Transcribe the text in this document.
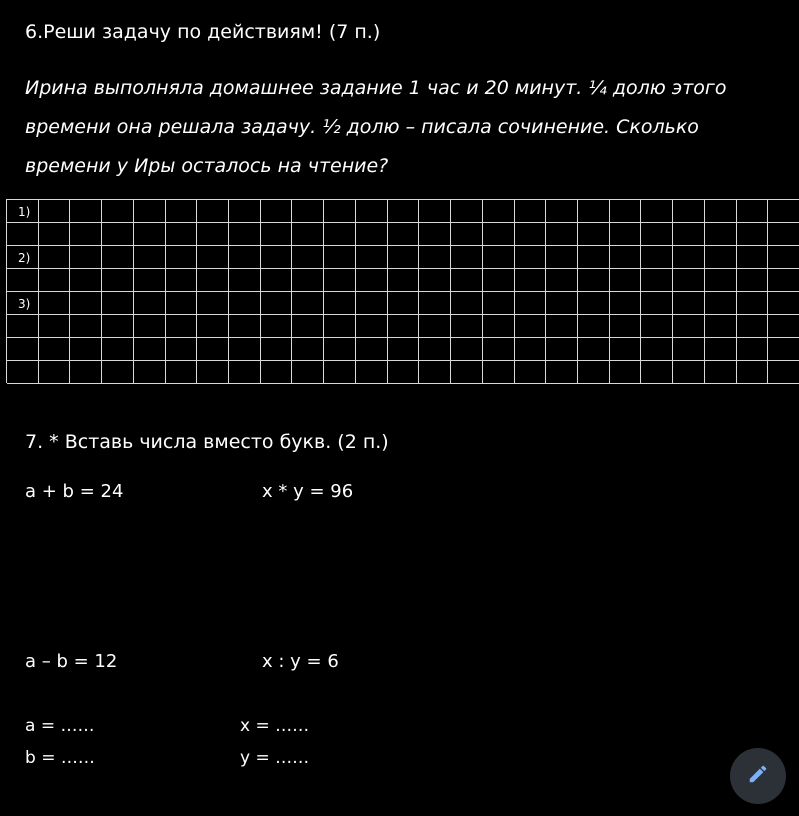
6.Реши задачу по действиям! (7 п.)
Ирина выполняла домашнее задание 1 час и 20 минут. ¼ долю этого
времени она решала задачу. ½ долю – писала сочинение. Сколько
времени у Иры осталось на чтение?
1)
2)
3)
7. * Вставь числа вместо букв. (2 п.)
a + b = 24	x * y = 96
a – b = 12	x : y = 6
a = ……
b = ……
x = ……
y = ……
